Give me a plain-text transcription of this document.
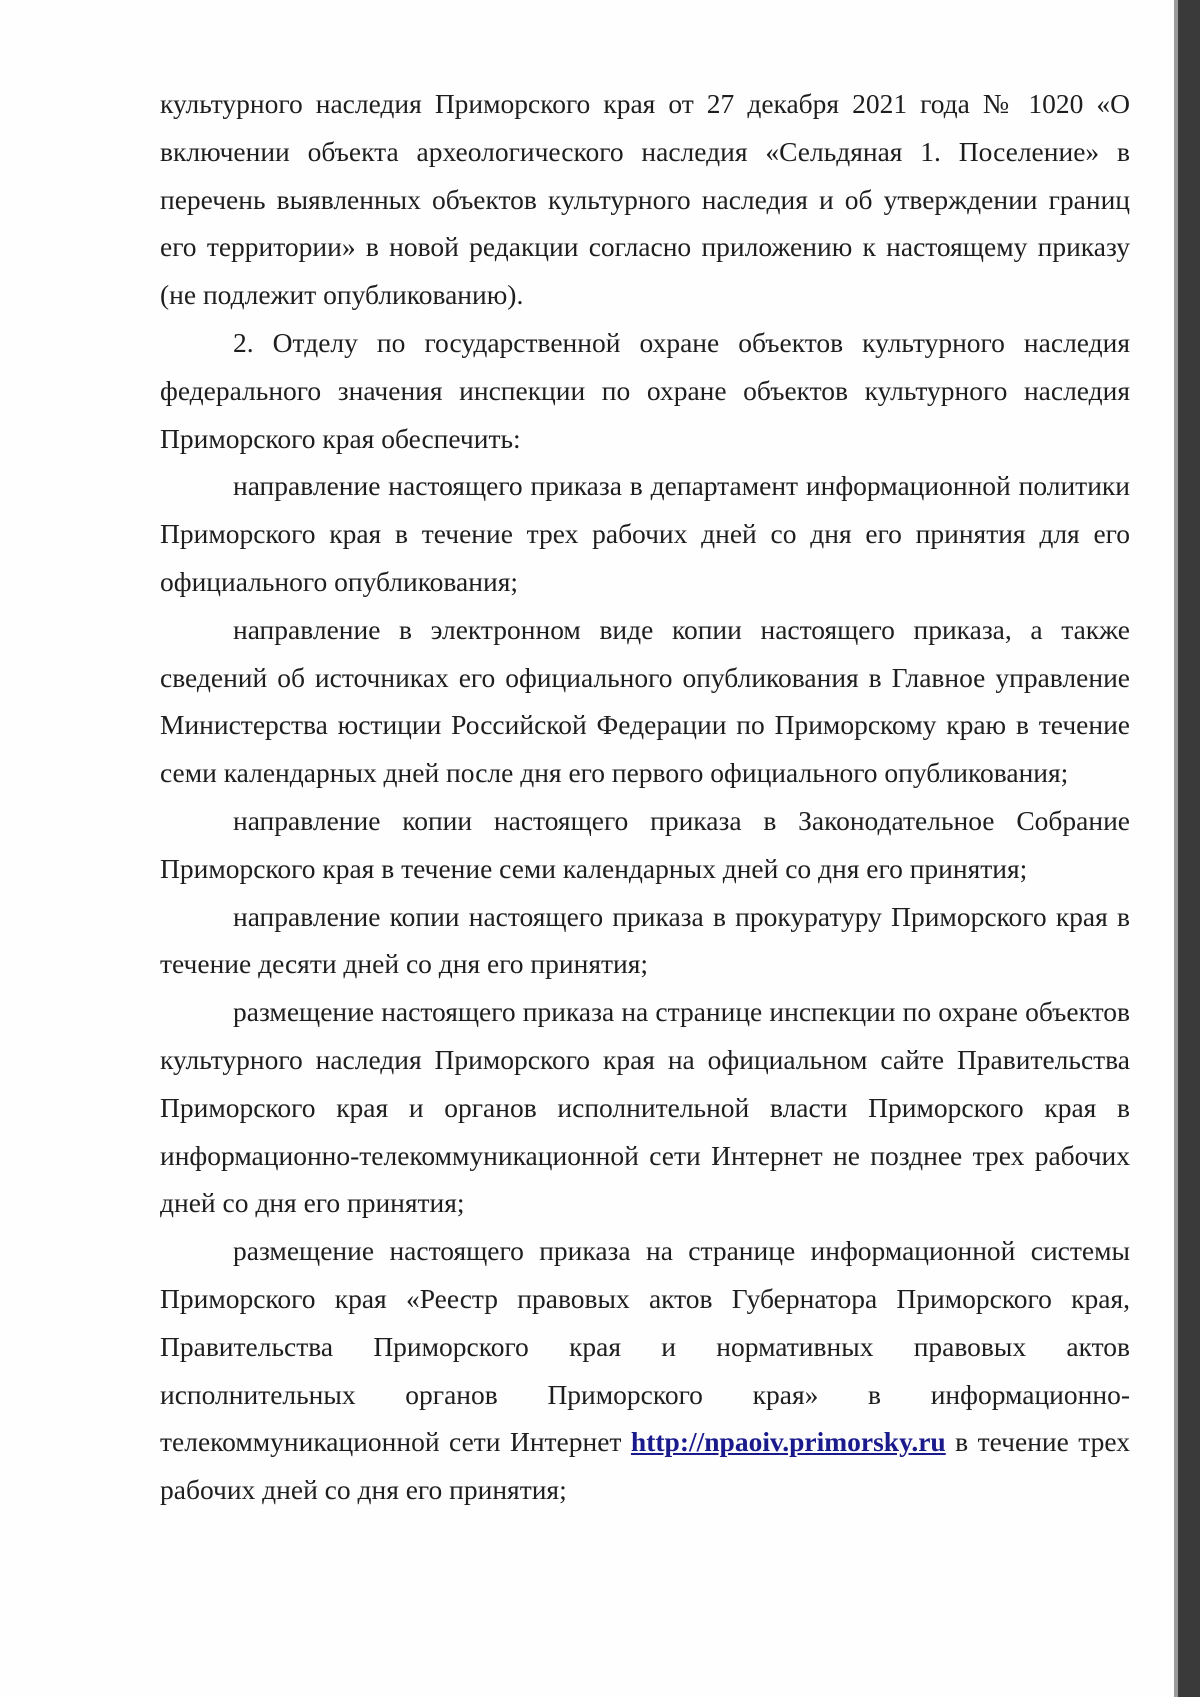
культурного наследия Приморского края от 27 декабря 2021 года № 1020 «О включении объекта археологического наследия «Сельдяная 1. Поселение» в перечень выявленных объектов культурного наследия и об утверждении границ его территории» в новой редакции согласно приложению к настоящему приказу (не подлежит опубликованию).

2. Отделу по государственной охране объектов культурного наследия федерального значения инспекции по охране объектов культурного наследия Приморского края обеспечить:

направление настоящего приказа в департамент информационной политики Приморского края в течение трех рабочих дней со дня его принятия для его официального опубликования;

направление в электронном виде копии настоящего приказа, а также сведений об источниках его официального опубликования в Главное управление Министерства юстиции Российской Федерации по Приморскому краю в течение семи календарных дней после дня его первого официального опубликования;

направление копии настоящего приказа в Законодательное Собрание Приморского края в течение семи календарных дней со дня его принятия;

направление копии настоящего приказа в прокуратуру Приморского края в течение десяти дней со дня его принятия;

размещение настоящего приказа на странице инспекции по охране объектов культурного наследия Приморского края на официальном сайте Правительства Приморского края и органов исполнительной власти Приморского края в информационно-телекоммуникационной сети Интернет не позднее трех рабочих дней со дня его принятия;

размещение настоящего приказа на странице информационной системы Приморского края «Реестр правовых актов Губернатора Приморского края, Правительства Приморского края и нормативных правовых актов исполнительных органов Приморского края» в информационно-телекоммуникационной сети Интернет http://npaoiv.primorsky.ru в течение трех рабочих дней со дня его принятия;
